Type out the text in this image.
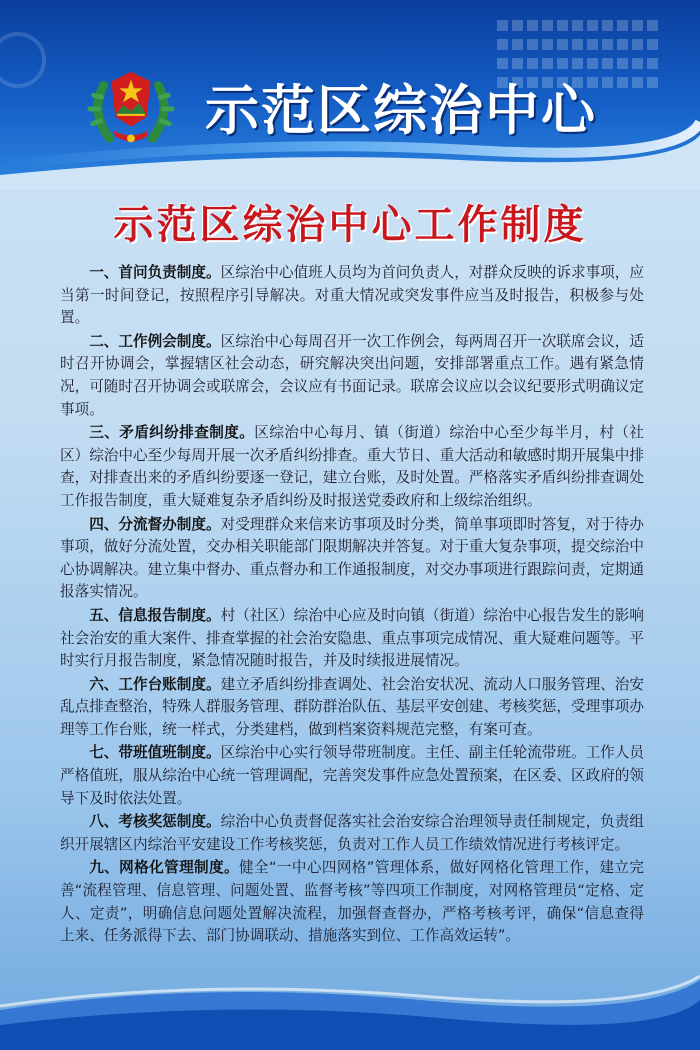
示范区综治中心
示范区综治中心工作制度

一、首问负责制度。区综治中心值班人员均为首问负责人，对群众反映的诉求事项，应当第一时间登记，按照程序引导解决。对重大情况或突发事件应当及时报告，积极参与处置。

二、工作例会制度。区综治中心每周召开一次工作例会，每两周召开一次联席会议，适时召开协调会，掌握辖区社会动态，研究解决突出问题，安排部署重点工作。遇有紧急情况，可随时召开协调会或联席会，会议应有书面记录。联席会议应以会议纪要形式明确议定事项。

三、矛盾纠纷排查制度。区综治中心每月、镇（街道）综治中心至少每半月，村（社区）综治中心至少每周开展一次矛盾纠纷排查。重大节日、重大活动和敏感时期开展集中排查，对排查出来的矛盾纠纷要逐一登记，建立台账，及时处置。严格落实矛盾纠纷排查调处工作报告制度，重大疑难复杂矛盾纠纷及时报送党委政府和上级综治组织。

四、分流督办制度。对受理群众来信来访事项及时分类，简单事项即时答复，对于待办事项，做好分流处置，交办相关职能部门限期解决并答复。对于重大复杂事项，提交综治中心协调解决。建立集中督办、重点督办和工作通报制度，对交办事项进行跟踪问责，定期通报落实情况。

五、信息报告制度。村（社区）综治中心应及时向镇（街道）综治中心报告发生的影响社会治安的重大案件、排查掌握的社会治安隐患、重点事项完成情况、重大疑难问题等。平时实行月报告制度，紧急情况随时报告，并及时续报进展情况。

六、工作台账制度。建立矛盾纠纷排查调处、社会治安状况、流动人口服务管理、治安乱点排查整治，特殊人群服务管理、群防群治队伍、基层平安创建、考核奖惩，受理事项办理等工作台账，统一样式，分类建档，做到档案资料规范完整，有案可查。

七、带班值班制度。区综治中心实行领导带班制度。主任、副主任轮流带班。工作人员严格值班，服从综治中心统一管理调配，完善突发事件应急处置预案，在区委、区政府的领导下及时依法处置。

八、考核奖惩制度。综治中心负责督促落实社会治安综合治理领导责任制规定，负责组织开展辖区内综治平安建设工作考核奖惩，负责对工作人员工作绩效情况进行考核评定。

九、网格化管理制度。健全“一中心四网格”管理体系，做好网格化管理工作，建立完善“流程管理、信息管理、问题处置、监督考核”等四项工作制度，对网格管理员“定格、定人、定责”，明确信息问题处置解决流程，加强督查督办，严格考核考评，确保“信息查得上来、任务派得下去、部门协调联动、措施落实到位、工作高效运转”。
